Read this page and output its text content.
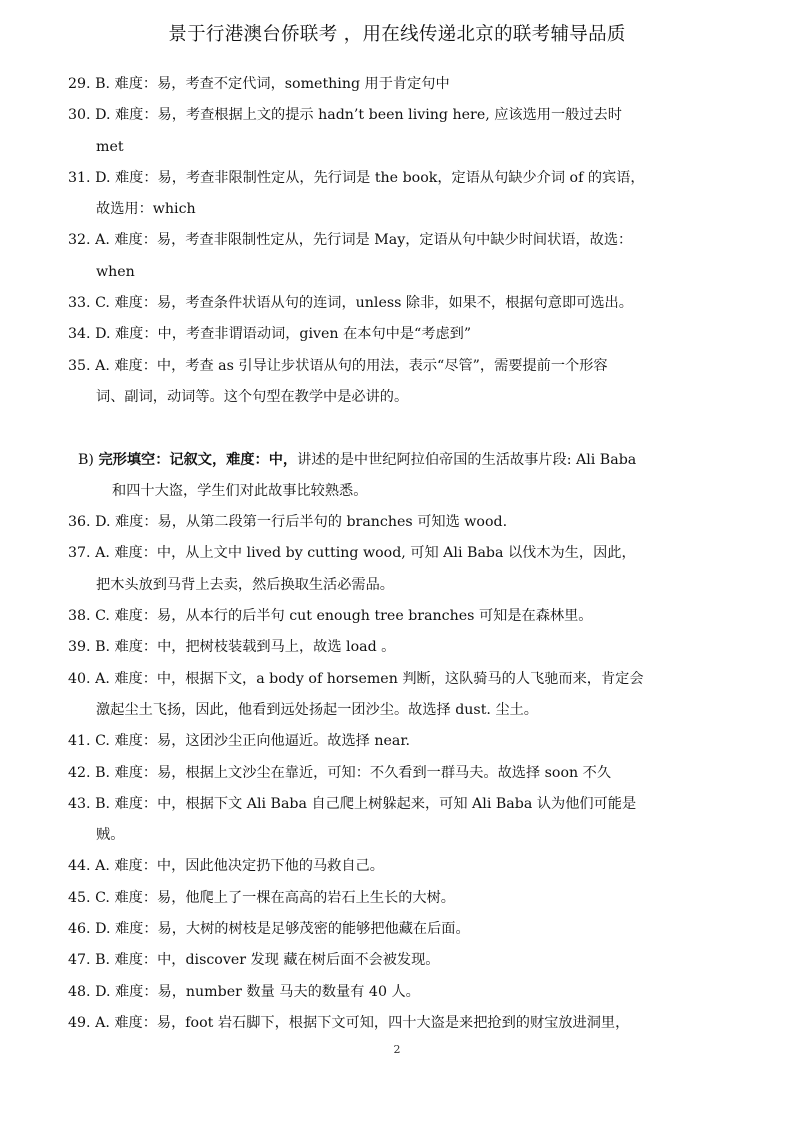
景于行港澳台侨联考 ，用在线传递北京的联考辅导品质
29. B. 难度：易，考查不定代词，something 用于肯定句中
30. D. 难度：易，考查根据上文的提示 hadn’t been living here, 应该选用一般过去时
met
31. D. 难度：易，考查非限制性定从，先行词是 the book，定语从句缺少介词 of 的宾语，
故选用：which
32. A. 难度：易，考查非限制性定从，先行词是 May，定语从句中缺少时间状语，故选：
when
33. C. 难度：易，考查条件状语从句的连词，unless 除非，如果不，根据句意即可选出。
34. D. 难度：中，考查非谓语动词，given 在本句中是“考虑到”
35. A. 难度：中，考查 as 引导让步状语从句的用法，表示“尽管”，需要提前一个形容
词、副词，动词等。这个句型在教学中是必讲的。
B) 完形填空：记叙文，难度：中，讲述的是中世纪阿拉伯帝国的生活故事片段: Ali Baba
和四十大盗，学生们对此故事比较熟悉。
36. D. 难度：易，从第二段第一行后半句的 branches 可知选 wood.
37. A. 难度：中，从上文中 lived by cutting wood, 可知 Ali Baba 以伐木为生，因此，
把木头放到马背上去卖，然后换取生活必需品。
38. C. 难度：易，从本行的后半句 cut enough tree branches 可知是在森林里。
39. B. 难度：中，把树枝装载到马上，故选 load 。
40. A. 难度：中，根据下文，a body of horsemen 判断，这队骑马的人飞驰而来，肯定会
激起尘土飞扬，因此，他看到远处扬起一团沙尘。故选择 dust. 尘土。
41. C. 难度：易，这团沙尘正向他逼近。故选择 near.
42. B. 难度：易，根据上文沙尘在靠近，可知：不久看到一群马夫。故选择 soon 不久
43. B. 难度：中，根据下文 Ali Baba 自己爬上树躲起来，可知 Ali Baba 认为他们可能是
贼。
44. A. 难度：中，因此他决定扔下他的马救自己。
45. C. 难度：易，他爬上了一棵在高高的岩石上生长的大树。
46. D. 难度：易，大树的树枝是足够茂密的能够把他藏在后面。
47. B. 难度：中，discover 发现 藏在树后面不会被发现。
48. D. 难度：易，number 数量 马夫的数量有 40 人。
49. A. 难度：易，foot 岩石脚下，根据下文可知，四十大盗是来把抢到的财宝放进洞里，
2
